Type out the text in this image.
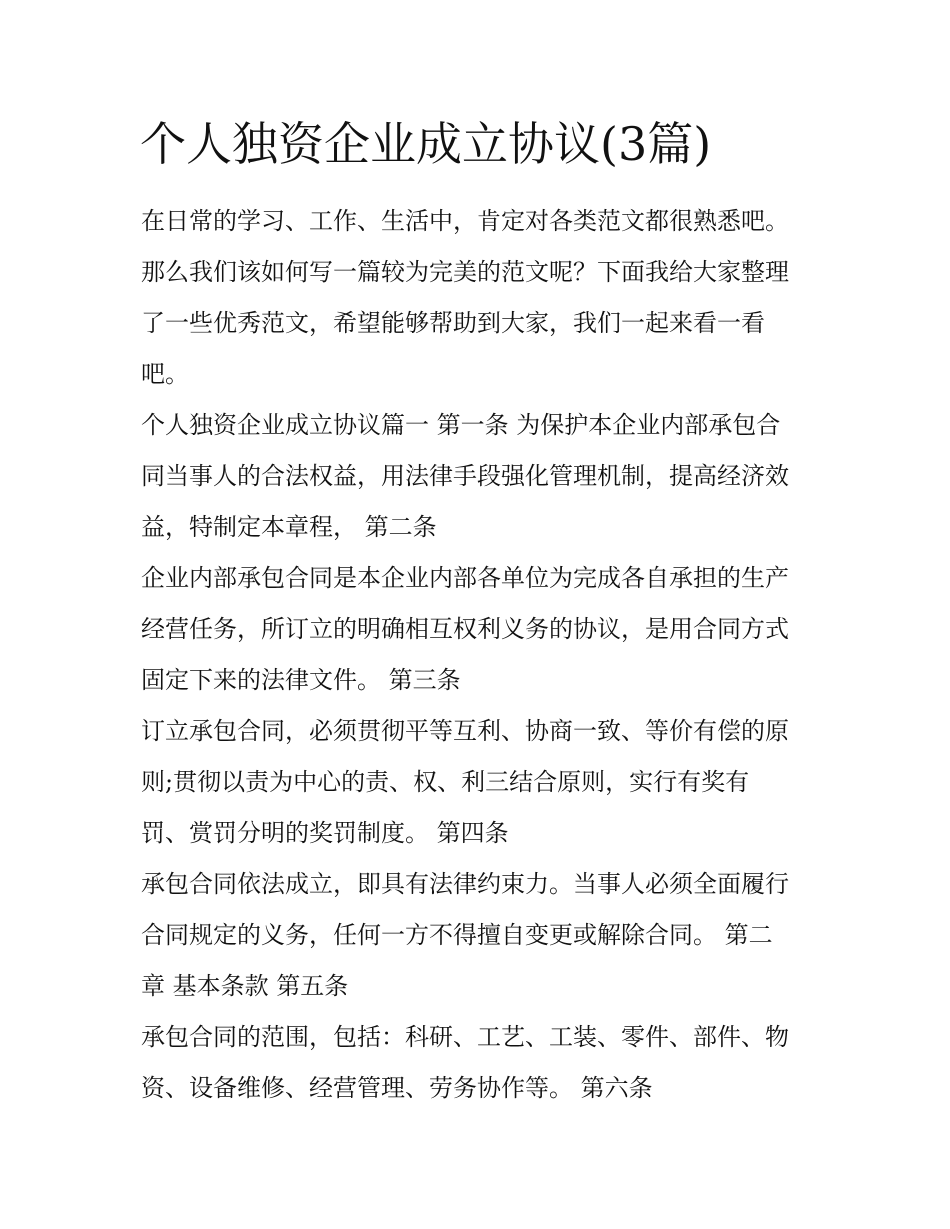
个人独资企业成立协议(3篇)
在日常的学习、工作、生活中，肯定对各类范文都很熟悉吧。
那么我们该如何写一篇较为完美的范文呢？下面我给大家整理
了一些优秀范文，希望能够帮助到大家，我们一起来看一看
吧。
个人独资企业成立协议篇一 第一条 为保护本企业内部承包合
同当事人的合法权益，用法律手段强化管理机制，提高经济效
益，特制定本章程， 第二条
企业内部承包合同是本企业内部各单位为完成各自承担的生产
经营任务，所订立的明确相互权利义务的协议，是用合同方式
固定下来的法律文件。 第三条
订立承包合同，必须贯彻平等互利、协商一致、等价有偿的原
则;贯彻以责为中心的责、权、利三结合原则，实行有奖有
罚、赏罚分明的奖罚制度。 第四条
承包合同依法成立，即具有法律约束力。当事人必须全面履行
合同规定的义务，任何一方不得擅自变更或解除合同。 第二
章 基本条款 第五条
承包合同的范围，包括：科研、工艺、工装、零件、部件、物
资、设备维修、经营管理、劳务协作等。 第六条
